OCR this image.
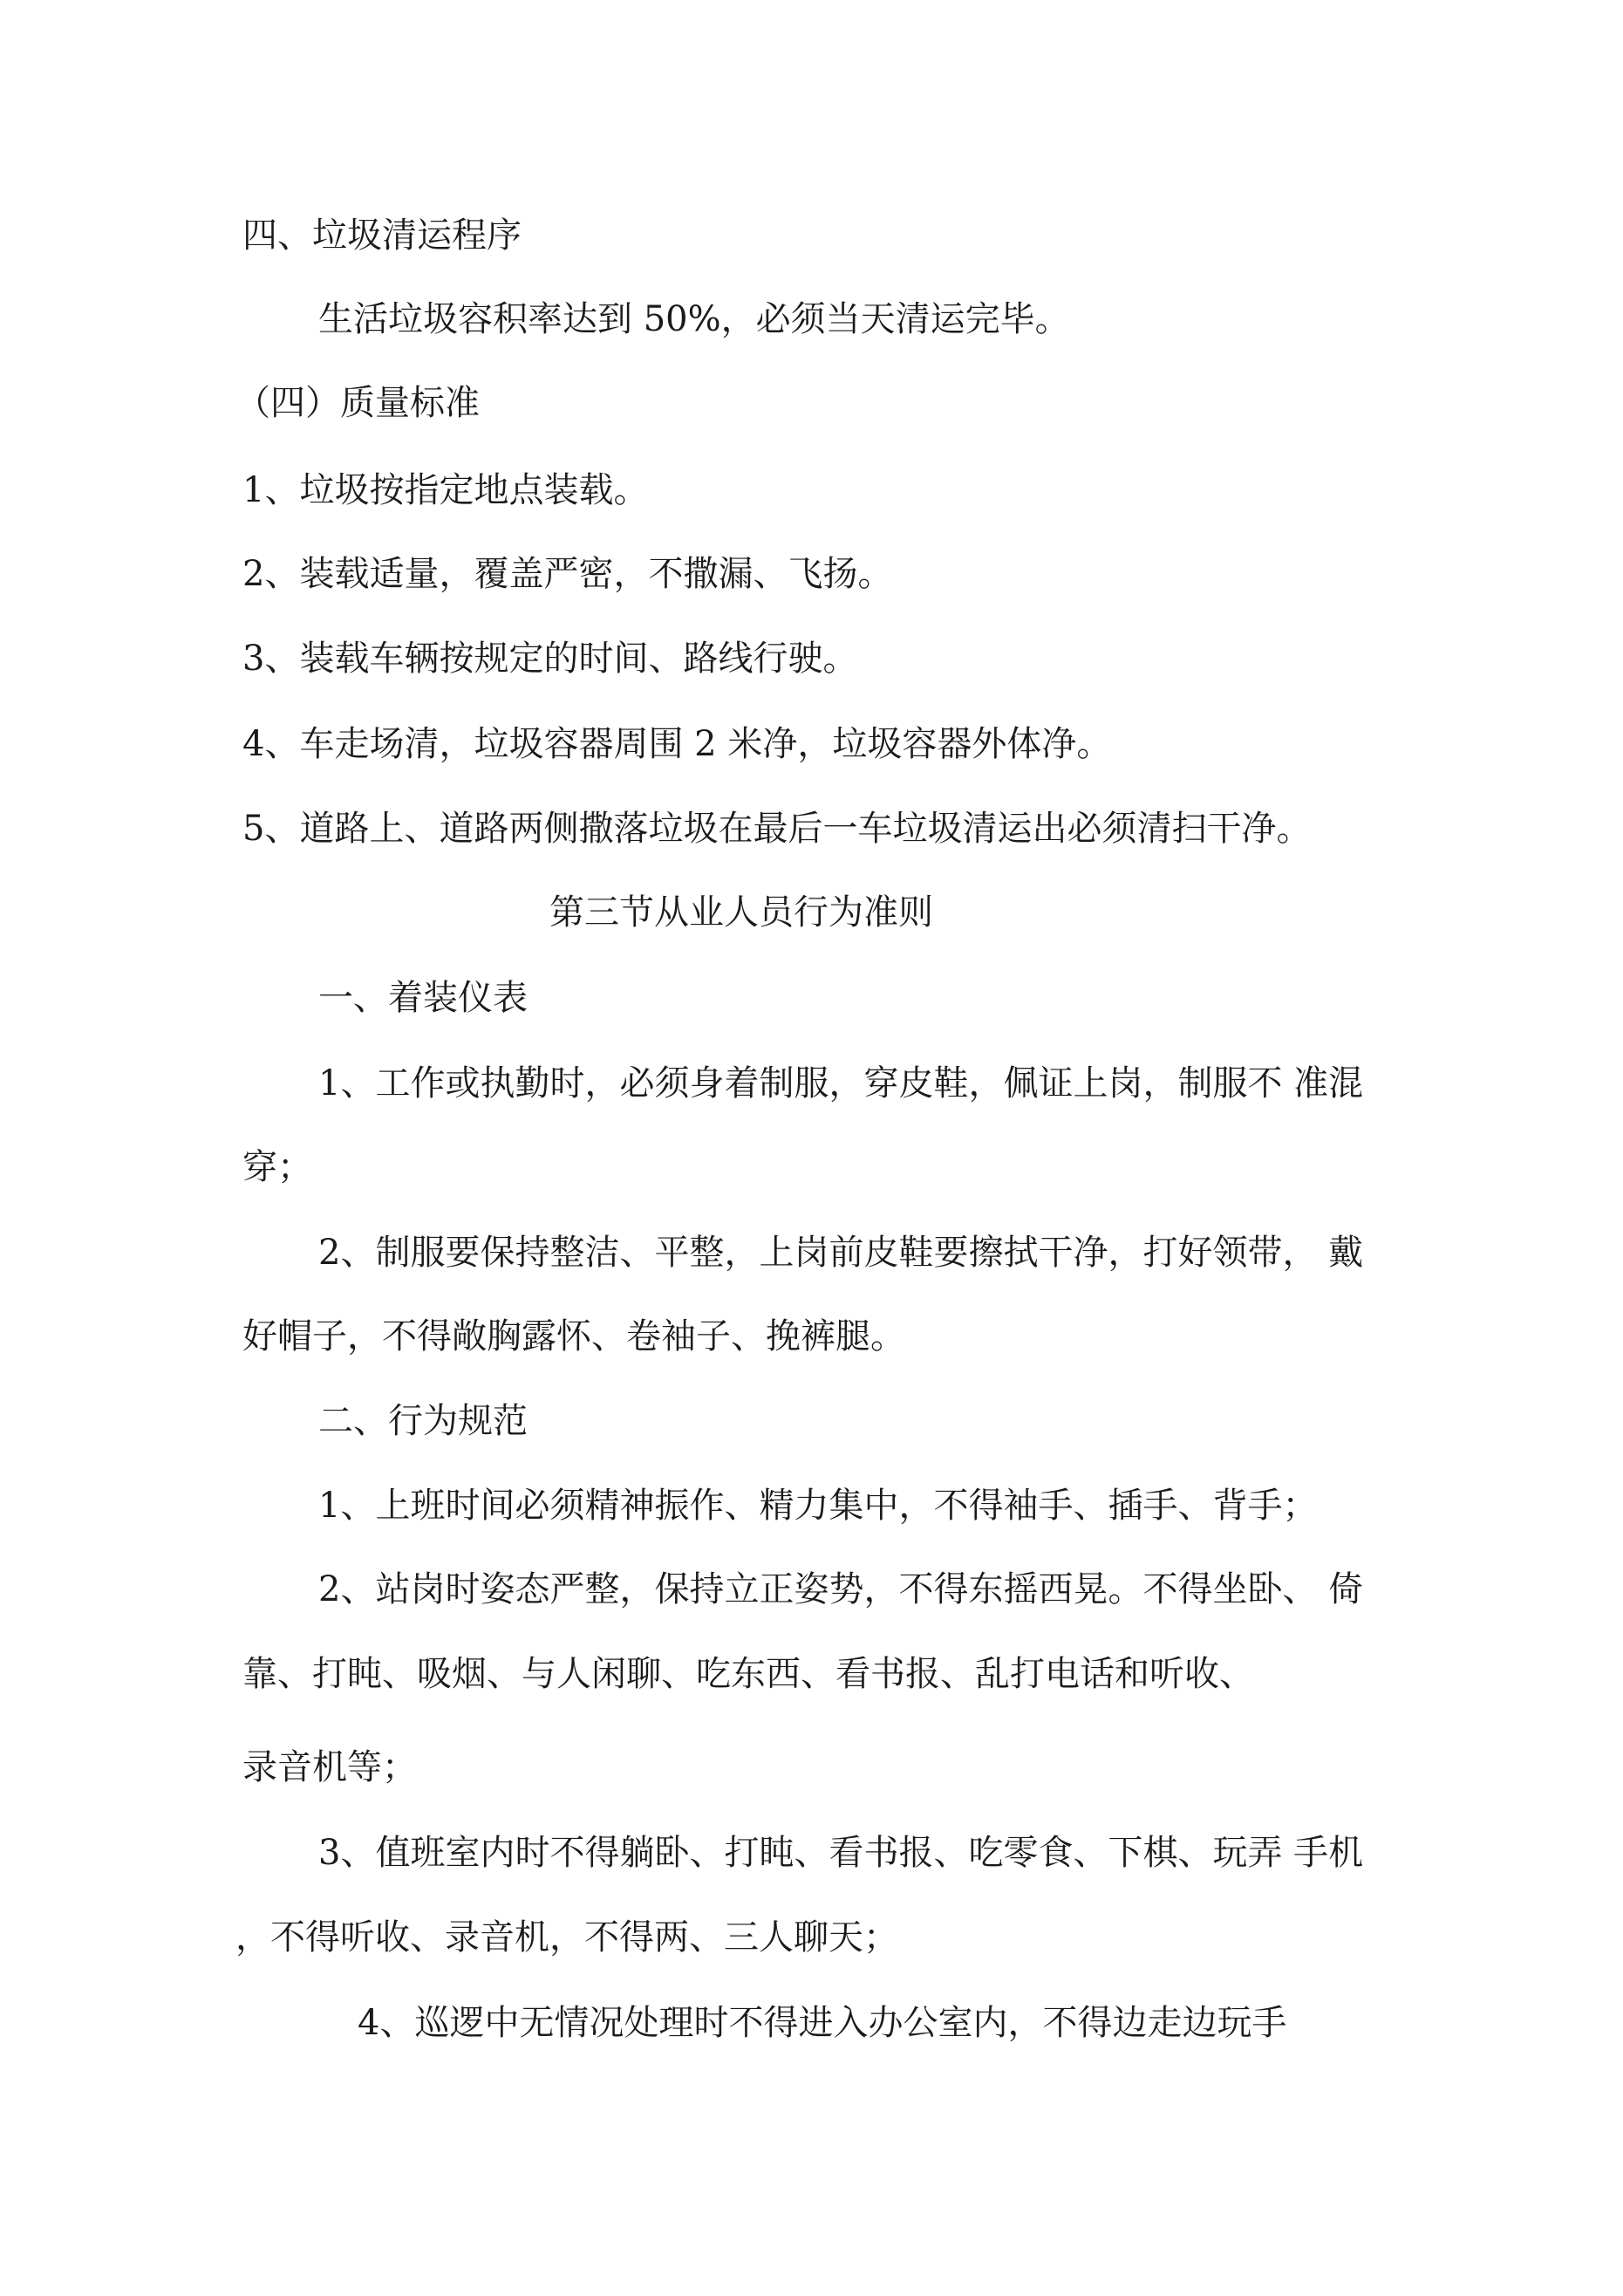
四、垃圾清运程序

生活垃圾容积率达到 50%，必须当天清运完毕。

（四）质量标准

1、垃圾按指定地点装载。

2、装载适量，覆盖严密，不撒漏、飞扬。

3、装载车辆按规定的时间、路线行驶。

4、车走场清，垃圾容器周围 2 米净，垃圾容器外体净。

5、道路上、道路两侧撒落垃圾在最后一车垃圾清运出必须清扫干净。

第三节从业人员行为准则

一、着装仪表

1、工作或执勤时，必须身着制服，穿皮鞋，佩证上岗，制服不 准混

穿；

2、制服要保持整洁、平整，上岗前皮鞋要擦拭干净，打好领带， 戴

好帽子，不得敞胸露怀、卷袖子、挽裤腿。

二、行为规范

1、上班时间必须精神振作、精力集中，不得袖手、插手、背手；

2、站岗时姿态严整，保持立正姿势，不得东摇西晃。不得坐卧、 倚

靠、打盹、吸烟、与人闲聊、吃东西、看书报、乱打电话和听收、

录音机等；

3、值班室内时不得躺卧、打盹、看书报、吃零食、下棋、玩弄 手机

，不得听收、录音机，不得两、三人聊天；

4、巡逻中无情况处理时不得进入办公室内，不得边走边玩手
